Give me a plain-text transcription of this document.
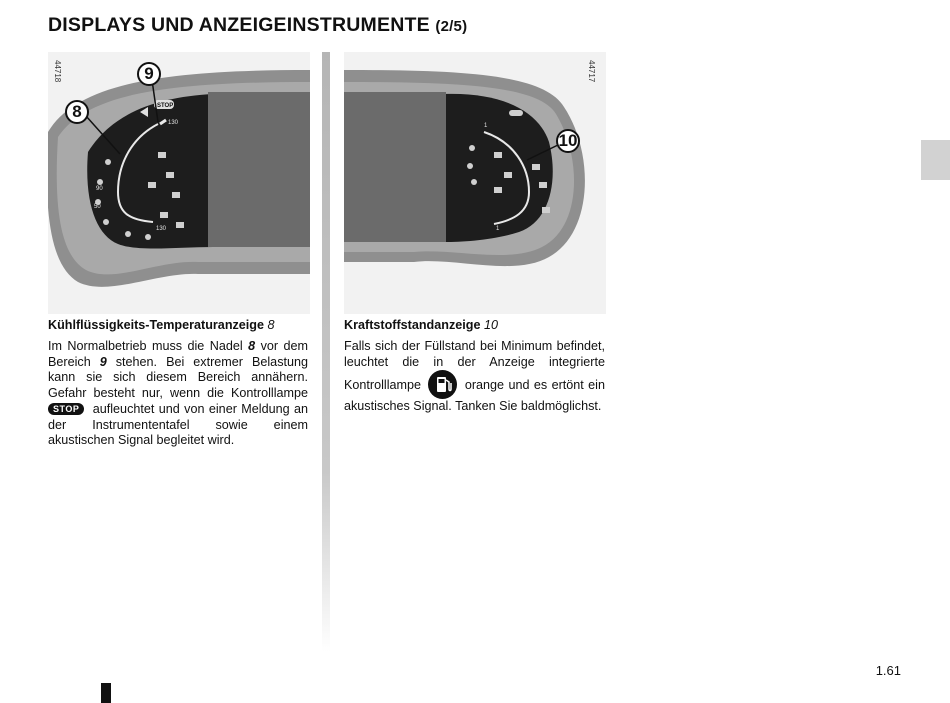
DISPLAYS UND ANZEIGEINSTRUMENTE (2/5)
130
90
50
130
STOP
44718	9
8
1
1
44717
10
Kühlflüssigkeits-Temperaturanzeige 8
Im Normalbetrieb muss die Nadel 8 vor dem Bereich 9 stehen. Bei extremer Belastung kann sie sich diesem Bereich annähern. Gefahr besteht nur, wenn die Kontrolllampe STOP aufleuchtet und von einer Meldung an der Instrumententafel sowie einem akustischen Signal begleitet wird.
Kraftstoffstandanzeige 10
Falls sich der Füllstand bei Minimum befindet, leuchtet die in der Anzeige integrierte Kontrolllampe	orange und es ertönt ein akustisches Signal. Tanken Sie baldmöglichst.
1.61
